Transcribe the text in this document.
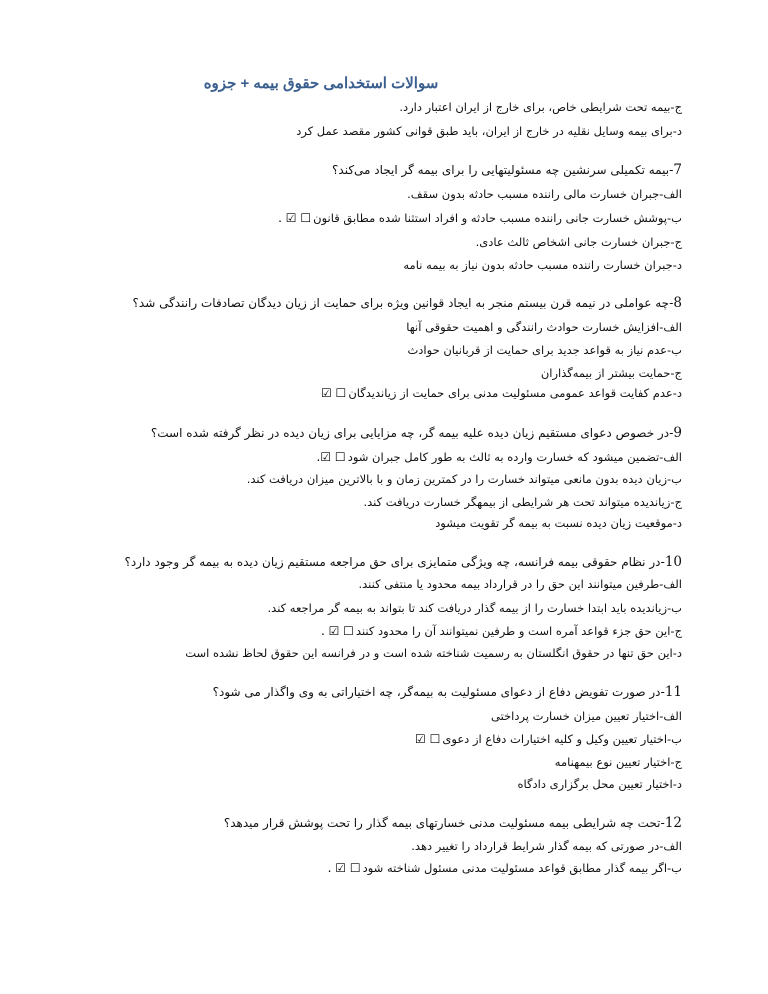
سوالات استخدامی حقوق بیمه + جزوه
ج-بیمه تحت شرایطی خاص، برای خارج از ایران اعتبار دارد.
د-برای بیمه وسایل نقلیه در خارج از ایران، باید طبق قوانی کشور مقصد عمل کرد
7-بیمه تکمیلی سرنشین چه مسئولیتهایی را برای بیمه گر ایجاد می‌کند؟
الف-جبران خسارت مالی راننده مسبب حادثه بدون سقف.
ب-پوشش خسارت جانی راننده مسبب حادثه و افراد استثنا شده مطابق قانون☐ ☑ .
ج-جبران خسارت جانی اشخاص ثالث عادی.
د-جبران خسارت راننده مسبب حادثه بدون نیاز به بیمه نامه
8-چه عواملی در نیمه قرن بیستم منجر به ایجاد قوانین ویژه برای حمایت از زیان دیدگان تصادفات رانندگی شد؟
الف-افزایش خسارت حوادث رانندگی و اهمیت حقوقی آنها
ب-عدم نیاز به قواعد جدید برای حمایت از قربانیان حوادث
ج-حمایت بیشتر از بیمه‌گذاران
د-عدم کفایت قواعد عمومی مسئولیت مدنی برای حمایت از زیاندیدگان☐ ☑
9-در خصوص دعوای مستقیم زیان دیده علیه بیمه گر، چه مزایایی برای زیان دیده در نظر گرفته شده است؟
الف-تضمین میشود که خسارت وارده به ثالث به طور کامل جبران شود☐ ☑.
ب-زیان دیده بدون مانعی میتواند خسارت را در کمترین زمان و با بالاترین میزان دریافت کند.
ج-زیاندیده میتواند تحت هر شرایطی از بیمهگر خسارت دریافت کند.
د-موقعیت زیان دیده نسبت به بیمه گر تقویت میشود
10-در نظام حقوقی بیمه فرانسه، چه ویژگی متمایزی برای حق مراجعه مستقیم زیان دیده به بیمه گر وجود دارد؟
الف-طرفین میتوانند این حق را در قرارداد بیمه محدود یا منتفی کنند.
ب-زیاندیده باید ابتدا خسارت را از بیمه گذار دریافت کند تا بتواند به بیمه گر مراجعه کند.
ج-این حق جزء قواعد آمره است و طرفین نمیتوانند آن را محدود کنند☐ ☑ .
د-این حق تنها در حقوق انگلستان به رسمیت شناخته شده است و در فرانسه این حقوق لحاظ نشده است
11-در صورت تفویض دفاع از دعوای مسئولیت به بیمه‌گر، چه اختیاراتی به وی واگذار می شود؟
الف-اختیار تعیین میزان خسارت پرداختی
ب-اختیار تعیین وکیل و کلیه اختیارات دفاع از دعوی☐ ☑
ج-اختیار تعیین نوع بیمهنامه
د-اختیار تعیین محل برگزاری دادگاه
12-تحت چه شرایطی بیمه مسئولیت مدنی خسارتهای بیمه گذار را تحت پوشش قرار میدهد؟
الف-در صورتی که بیمه گذار شرایط قرارداد را تغییر دهد.
ب-اگر بیمه گذار مطابق قواعد مسئولیت مدنی مسئول شناخته شود☐ ☑ .
